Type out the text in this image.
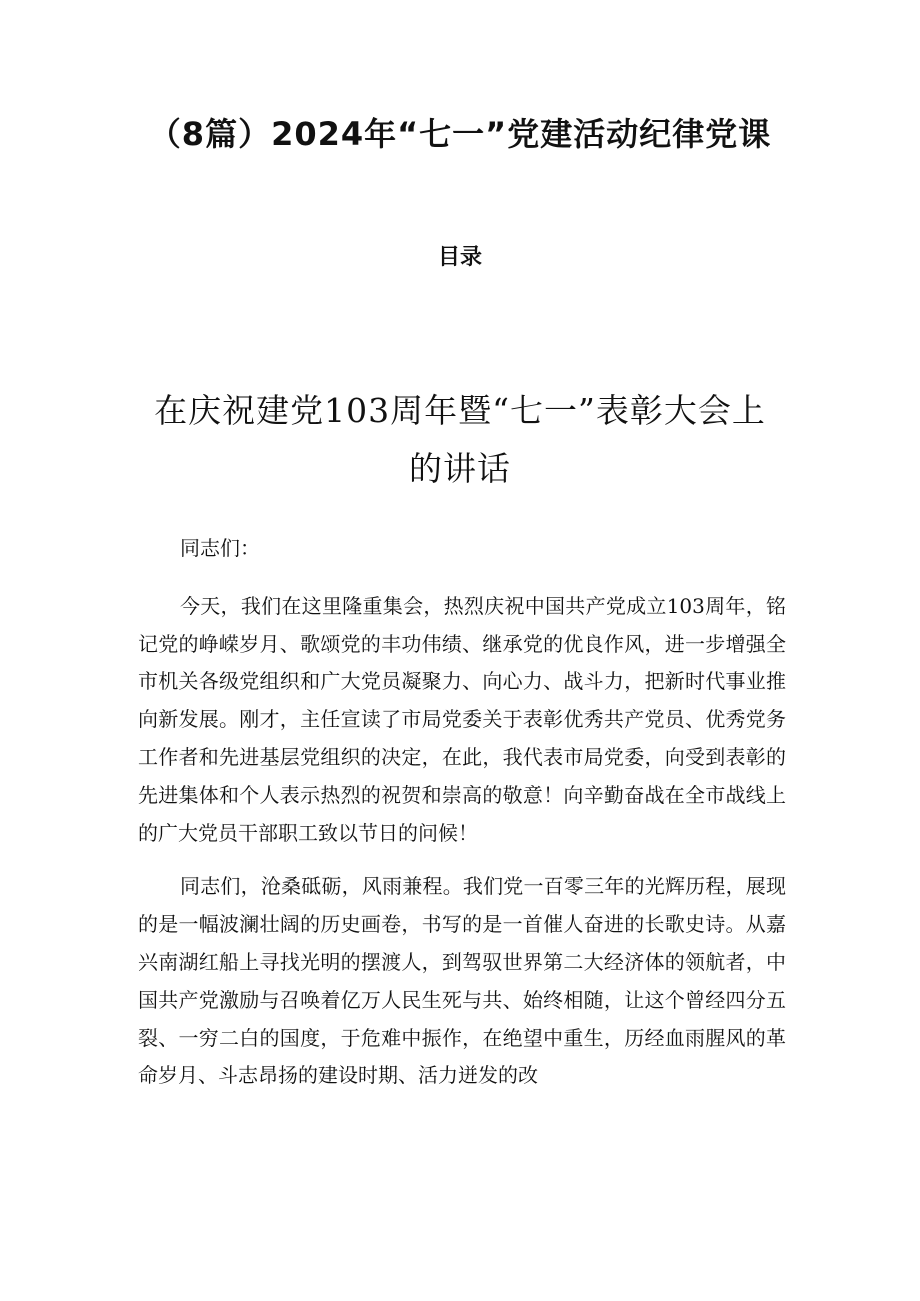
（8篇）2024年“七一”党建活动纪律党课
目录
在庆祝建党103周年暨“七一”表彰大会上的讲话

同志们：

今天，我们在这里隆重集会，热烈庆祝中国共产党成立103周年，铭记党的峥嵘岁月、歌颂党的丰功伟绩、继承党的优良作风，进一步增强全市机关各级党组织和广大党员凝聚力、向心力、战斗力，把新时代事业推向新发展。刚才，主任宣读了市局党委关于表彰优秀共产党员、优秀党务工作者和先进基层党组织的决定，在此，我代表市局党委，向受到表彰的先进集体和个人表示热烈的祝贺和崇高的敬意！向辛勤奋战在全市战线上的广大党员干部职工致以节日的问候！

同志们，沧桑砥砺，风雨兼程。我们党一百零三年的光辉历程，展现的是一幅波澜壮阔的历史画卷，书写的是一首催人奋进的长歌史诗。从嘉兴南湖红船上寻找光明的摆渡人，到驾驭世界第二大经济体的领航者，中国共产党激励与召唤着亿万人民生死与共、始终相随，让这个曾经四分五裂、一穷二白的国度，于危难中振作，在绝望中重生，历经血雨腥风的革命岁月、斗志昂扬的建设时期、活力迸发的改
